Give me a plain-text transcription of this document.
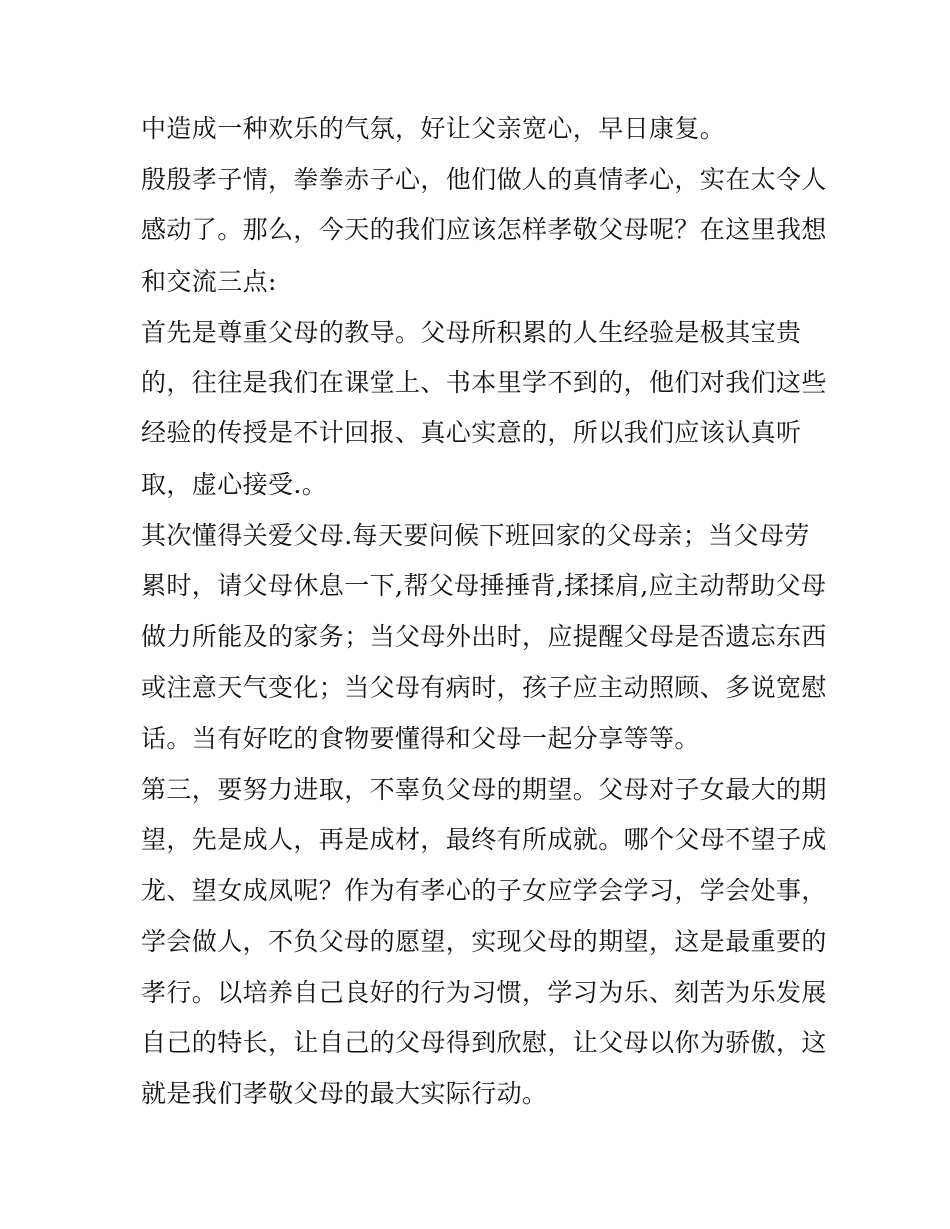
中造成一种欢乐的气氛，好让父亲宽心，早日康复。
殷殷孝子情，拳拳赤子心，他们做人的真情孝心，实在太令人
感动了。那么，今天的我们应该怎样孝敬父母呢？在这里我想
和交流三点:
首先是尊重父母的教导。父母所积累的人生经验是极其宝贵
的，往往是我们在课堂上、书本里学不到的，他们对我们这些
经验的传授是不计回报、真心实意的，所以我们应该认真听
取，虚心接受.。
其次懂得关爱父母.每天要问候下班回家的父母亲；当父母劳
累时，请父母休息一下,帮父母捶捶背,揉揉肩,应主动帮助父母
做力所能及的家务；当父母外出时，应提醒父母是否遗忘东西
或注意天气变化；当父母有病时，孩子应主动照顾、多说宽慰
话。当有好吃的食物要懂得和父母一起分享等等。
第三，要努力进取，不辜负父母的期望。父母对子女最大的期
望，先是成人，再是成材，最终有所成就。哪个父母不望子成
龙、望女成凤呢？作为有孝心的子女应学会学习，学会处事，
学会做人，不负父母的愿望，实现父母的期望，这是最重要的
孝行。以培养自己良好的行为习惯，学习为乐、刻苦为乐发展
自己的特长，让自己的父母得到欣慰，让父母以你为骄傲，这
就是我们孝敬父母的最大实际行动。
